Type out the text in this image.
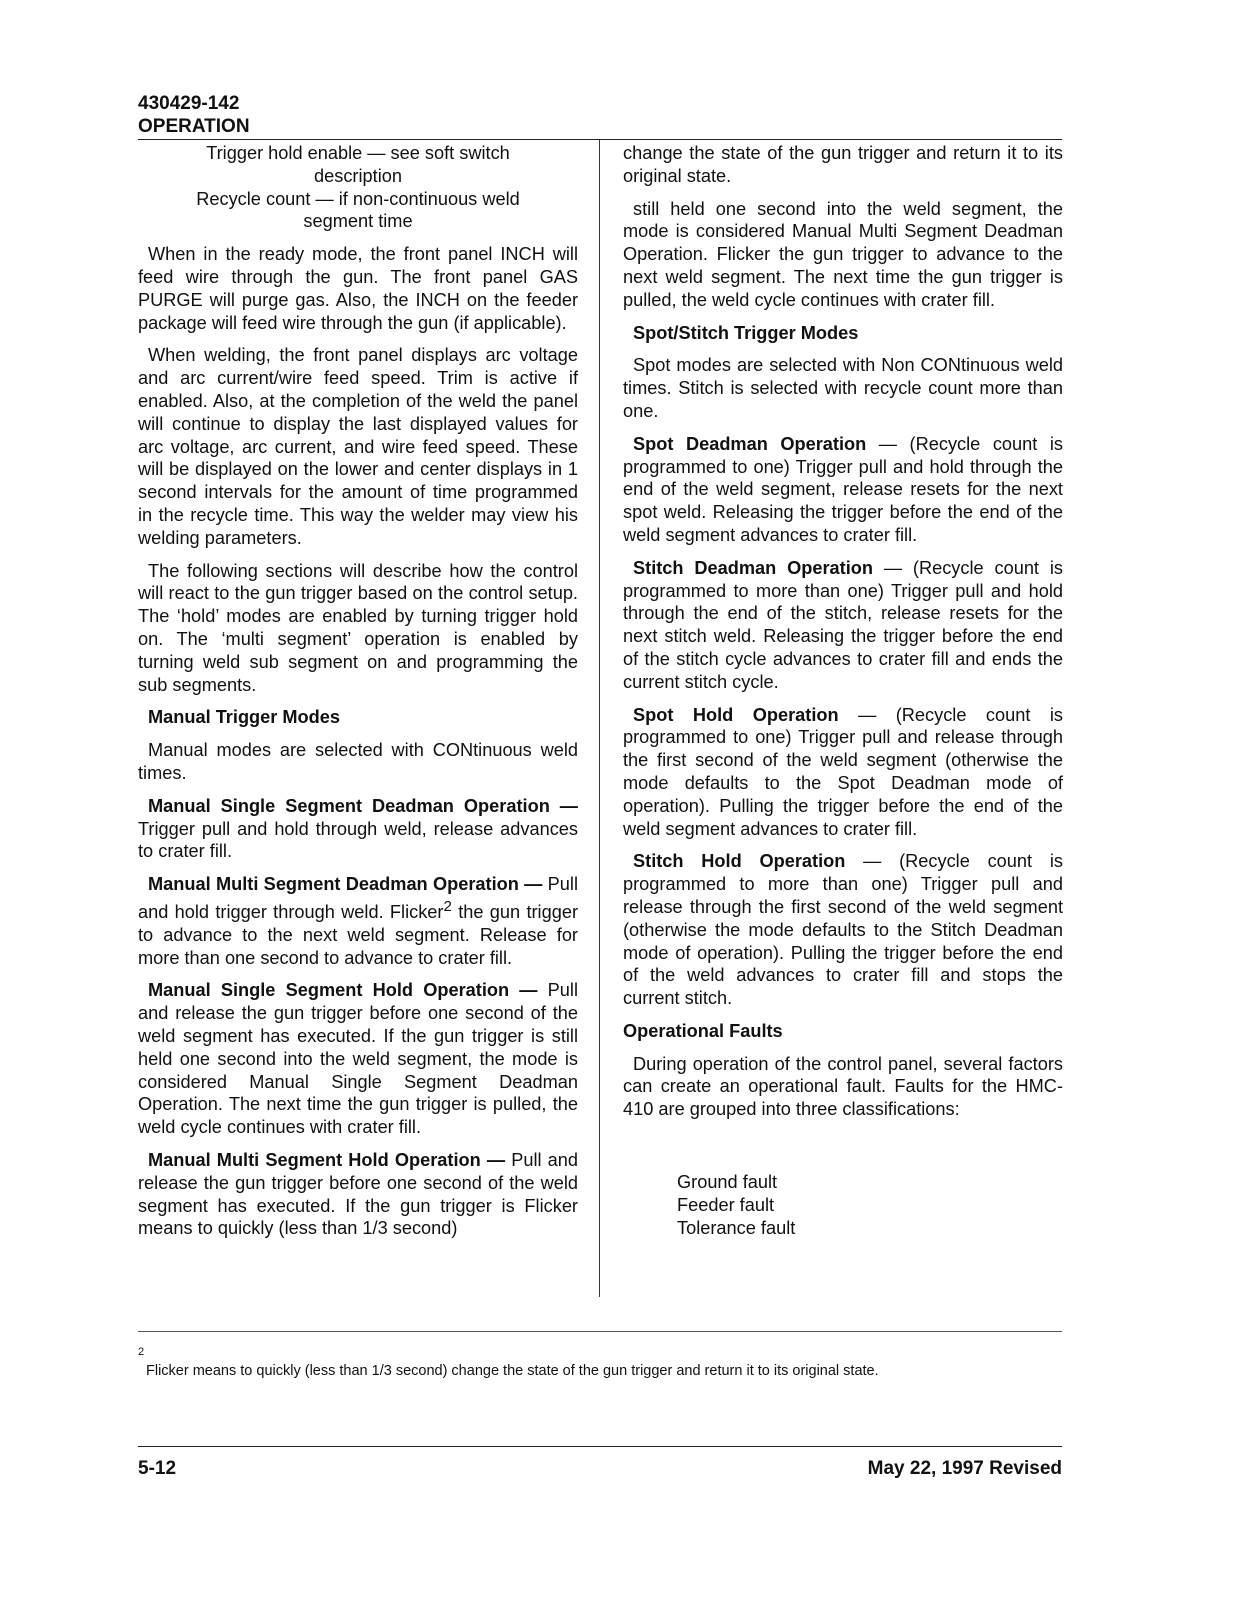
430429-142
OPERATION
Trigger hold enable — see soft switch
description
Recycle count — if non-continuous weld
segment time

When in the ready mode, the front panel INCH will feed wire through the gun. The front panel GAS PURGE will purge gas. Also, the INCH on the feeder package will feed wire through the gun (if applicable).

When welding, the front panel displays arc voltage and arc current/wire feed speed. Trim is active if enabled. Also, at the completion of the weld the panel will continue to display the last displayed values for arc voltage, arc current, and wire feed speed. These will be displayed on the lower and center displays in 1 second intervals for the amount of time programmed in the recycle time. This way the welder may view his welding parameters.

The following sections will describe how the control will react to the gun trigger based on the control setup. The ‘hold’ modes are enabled by turning trigger hold on. The ‘multi segment’ operation is enabled by turning weld sub segment on and programming the sub segments.

Manual Trigger Modes

Manual modes are selected with CONtinuous weld times.

Manual Single Segment Deadman Operation — Trigger pull and hold through weld, release advances to crater fill.

Manual Multi Segment Deadman Operation — Pull and hold trigger through weld. Flicker$^2$ the gun trigger to advance to the next weld segment. Release for more than one second to advance to crater fill.

Manual Single Segment Hold Operation — Pull and release the gun trigger before one second of the weld segment has executed. If the gun trigger is still held one second into the weld segment, the mode is considered Manual Single Segment Deadman Operation. The next time the gun trigger is pulled, the weld cycle continues with crater fill.

Manual Multi Segment Hold Operation — Pull and release the gun trigger before one second of the weld segment has executed. If the gun trigger is Flicker means to quickly (less than 1/3 second)

change the state of the gun trigger and return it to its original state.

still held one second into the weld segment, the mode is considered Manual Multi Segment Deadman Operation. Flicker the gun trigger to advance to the next weld segment. The next time the gun trigger is pulled, the weld cycle continues with crater fill.

Spot/Stitch Trigger Modes

Spot modes are selected with Non CONtinuous weld times. Stitch is selected with recycle count more than one.

Spot Deadman Operation — (Recycle count is programmed to one) Trigger pull and hold through the end of the weld segment, release resets for the next spot weld. Releasing the trigger before the end of the weld segment advances to crater fill.

Stitch Deadman Operation — (Recycle count is programmed to more than one) Trigger pull and hold through the end of the stitch, release resets for the next stitch weld. Releasing the trigger before the end of the stitch cycle advances to crater fill and ends the current stitch cycle.

Spot Hold Operation — (Recycle count is programmed to one) Trigger pull and release through the first second of the weld segment (otherwise the mode defaults to the Spot Deadman mode of operation). Pulling the trigger before the end of the weld segment advances to crater fill.

Stitch Hold Operation — (Recycle count is programmed to more than one) Trigger pull and release through the first second of the weld segment (otherwise the mode defaults to the Stitch Deadman mode of operation). Pulling the trigger before the end of the weld advances to crater fill and stops the current stitch.

Operational Faults

During operation of the control panel, several factors can create an operational fault. Faults for the HMC-410 are grouped into three classifications:

Ground fault
Feeder fault
Tolerance fault
2
Flicker means to quickly (less than 1/3 second) change the state of the gun trigger and return it to its original state.
5-12	May 22, 1997 Revised
